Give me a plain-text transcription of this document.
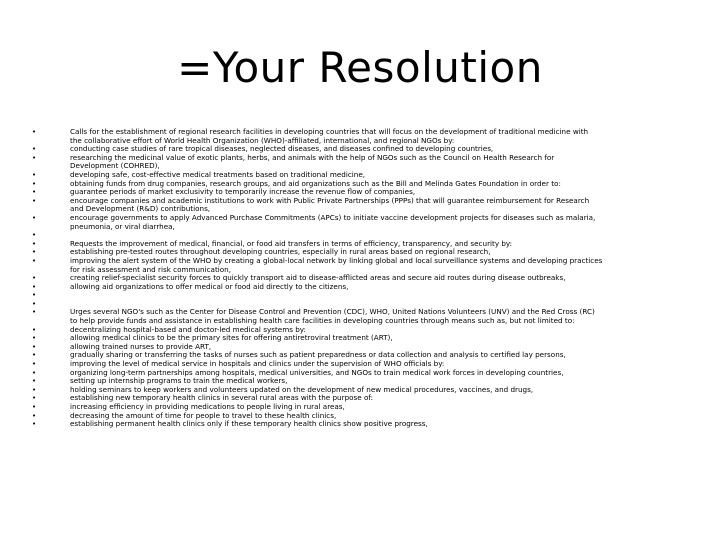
=Your Resolution
•	Calls for the establishment of regional research facilities in developing countries that will focus on the development of traditional medicine with
the collaborative effort of World Health Organization (WHO)-affiliated, international, and regional NGOs by:
•	conducting case studies of rare tropical diseases, neglected diseases, and diseases confined to developing countries,
•	researching the medicinal value of exotic plants, herbs, and animals with the help of NGOs such as the Council on Health Research for
Development (COHRED),
•	developing safe, cost-effective medical treatments based on traditional medicine,
•	obtaining funds from drug companies, research groups, and aid organizations such as the Bill and Melinda Gates Foundation in order to:
•	guarantee periods of market exclusivity to temporarily increase the revenue flow of companies,
•	encourage companies and academic institutions to work with Public Private Partnerships (PPPs) that will guarantee reimbursement for Research
and Development (R&D) contributions,
•	encourage governments to apply Advanced Purchase Commitments (APCs) to initiate vaccine development projects for diseases such as malaria,
pneumonia, or viral diarrhea,
•
•	Requests the improvement of medical, financial, or food aid transfers in terms of efficiency, transparency, and security by:
•	establishing pre-tested routes throughout developing countries, especially in rural areas based on regional research,
•	improving the alert system of the WHO by creating a global-local network by linking global and local surveillance systems and developing practices
for risk assessment and risk communication,
•	creating relief-specialist security forces to quickly transport aid to disease-afflicted areas and secure aid routes during disease outbreaks,
•	allowing aid organizations to offer medical or food aid directly to the citizens,
•
•
•	Urges several NGO's such as the Center for Disease Control and Prevention (CDC), WHO, United Nations Volunteers (UNV) and the Red Cross (RC)
to help provide funds and assistance in establishing health care facilities in developing countries through means such as, but not limited to:
•	decentralizing hospital-based and doctor-led medical systems by:
•	allowing medical clinics to be the primary sites for offering antiretroviral treatment (ART),
•	allowing trained nurses to provide ART,
•	gradually sharing or transferring the tasks of nurses such as patient preparedness or data collection and analysis to certified lay persons,
•	improving the level of medical service in hospitals and clinics under the supervision of WHO officials by:
•	organizing long-term partnerships among hospitals, medical universities, and NGOs to train medical work forces in developing countries,
•	setting up internship programs to train the medical workers,
•	holding seminars to keep workers and volunteers updated on the development of new medical procedures, vaccines, and drugs,
•	establishing new temporary health clinics in several rural areas with the purpose of:
•	increasing efficiency in providing medications to people living in rural areas,
•	decreasing the amount of time for people to travel to these health clinics,
•	establishing permanent health clinics only if these temporary health clinics show positive progress,
